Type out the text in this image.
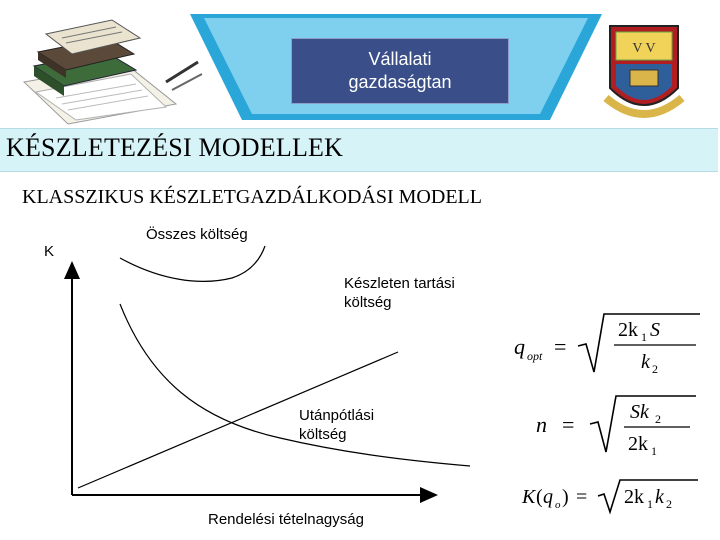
Vállalati
gazdaságtan
V V
KÉSZLETEZÉSI MODELLEK
KLASSZIKUS KÉSZLETGAZDÁLKODÁSI MODELL
K
Összes költség
Készleten tartási
költség
Utánpótlási
költség
Rendelési tételnagyság
q opt =
2k 1 S
k 2
n =	Sk 2
2k 1
K ( q o ) = 2k 1 k 2
